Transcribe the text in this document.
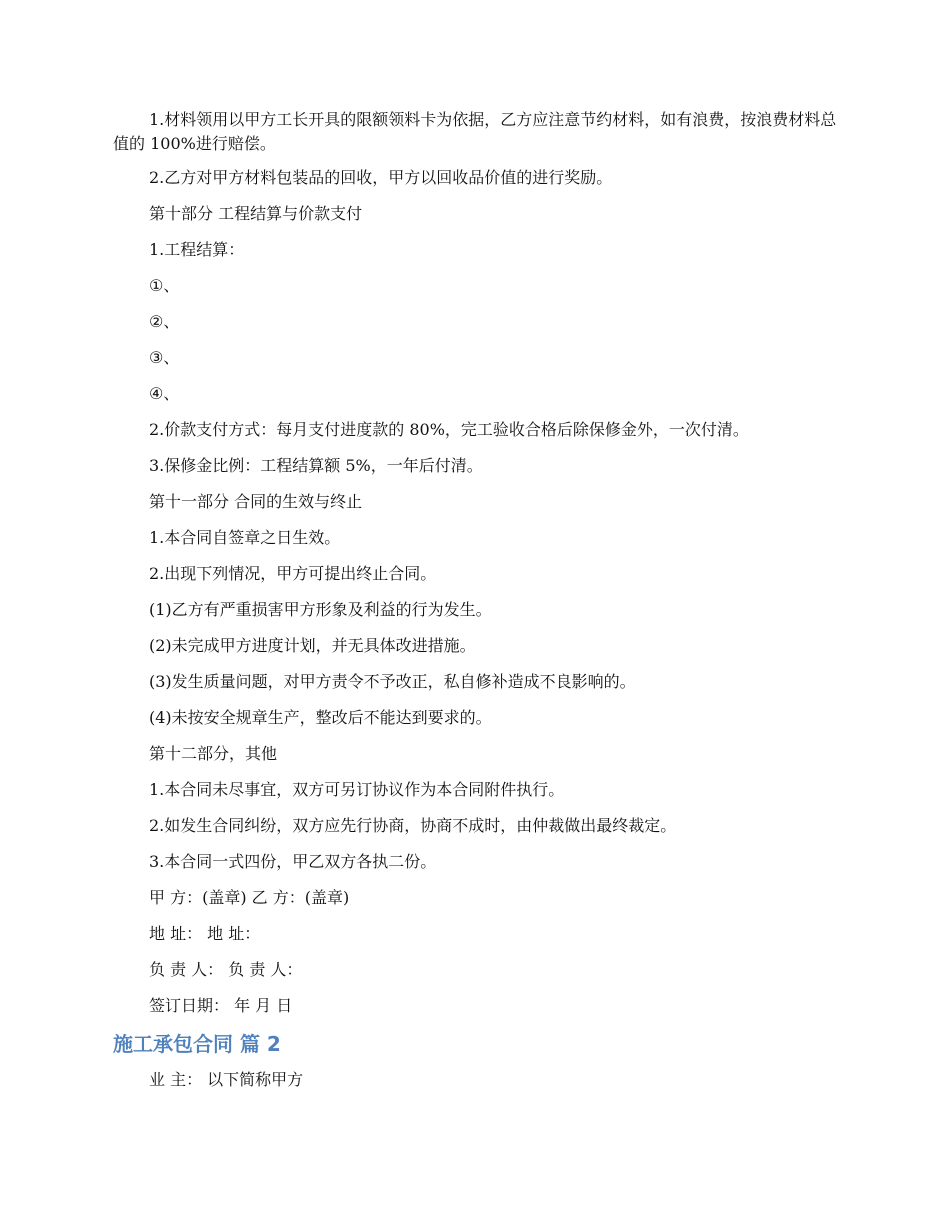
1.材料领用以甲方工长开具的限额领料卡为依据，乙方应注意节约材料，如有浪费，按浪费材料总值的 100%进行赔偿。

2.乙方对甲方材料包装品的回收，甲方以回收品价值的进行奖励。

第十部分 工程结算与价款支付

1.工程结算：

①、

②、

③、

④、

2.价款支付方式：每月支付进度款的 80%，完工验收合格后除保修金外，一次付清。

3.保修金比例：工程结算额 5%，一年后付清。

第十一部分 合同的生效与终止

1.本合同自签章之日生效。

2.出现下列情况，甲方可提出终止合同。

(1)乙方有严重损害甲方形象及利益的行为发生。

(2)未完成甲方进度计划，并无具体改进措施。

(3)发生质量问题，对甲方责令不予改正，私自修补造成不良影响的。

(4)未按安全规章生产，整改后不能达到要求的。

第十二部分，其他

1.本合同未尽事宜，双方可另订协议作为本合同附件执行。

2.如发生合同纠纷，双方应先行协商，协商不成时，由仲裁做出最终裁定。

3.本合同一式四份，甲乙双方各执二份。

甲 方：(盖章) 乙 方：(盖章)

地 址： 地 址：

负 责 人： 负 责 人：

签订日期： 年 月 日

施工承包合同 篇 2

业 主： 以下简称甲方
